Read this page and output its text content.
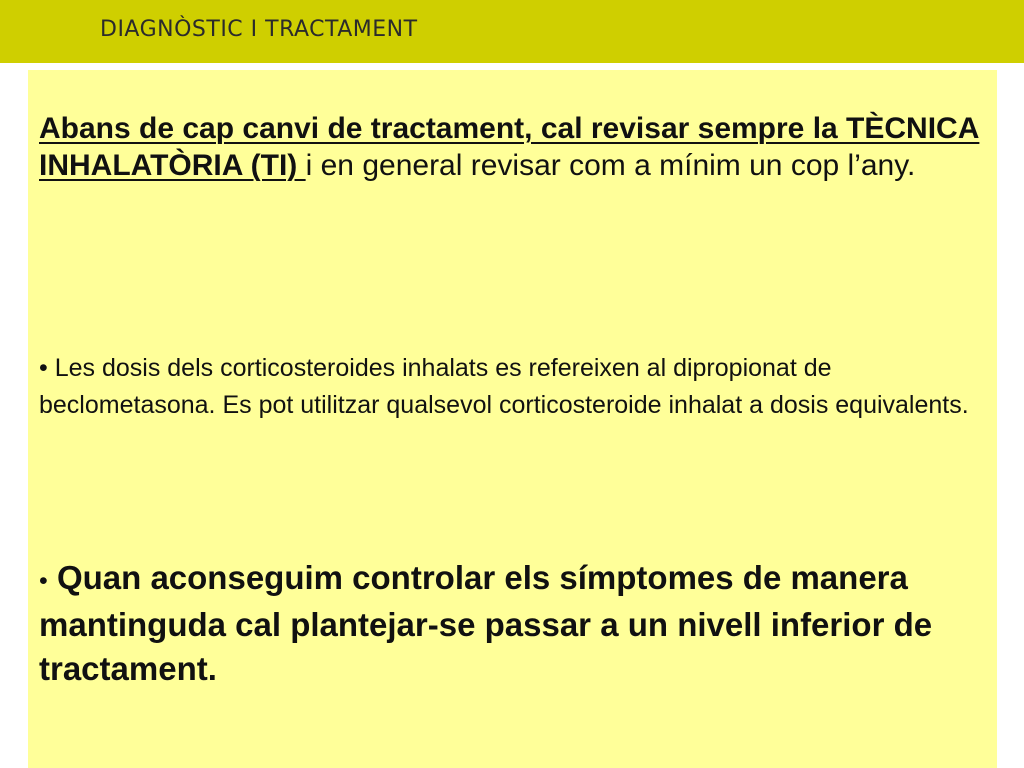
DIAGNÒSTIC I TRACTAMENT
Abans de cap canvi de tractament, cal revisar sempre la TÈCNICA INHALATÒRIA (TI) i en general revisar com a mínim un cop l’any.
• Les dosis dels corticosteroides inhalats es refereixen al dipropionat de beclometasona. Es pot utilitzar qualsevol corticosteroide inhalat a dosis equivalents.
• Quan aconseguim controlar els símptomes de manera mantinguda cal plantejar-se passar a un nivell inferior de tractament.
